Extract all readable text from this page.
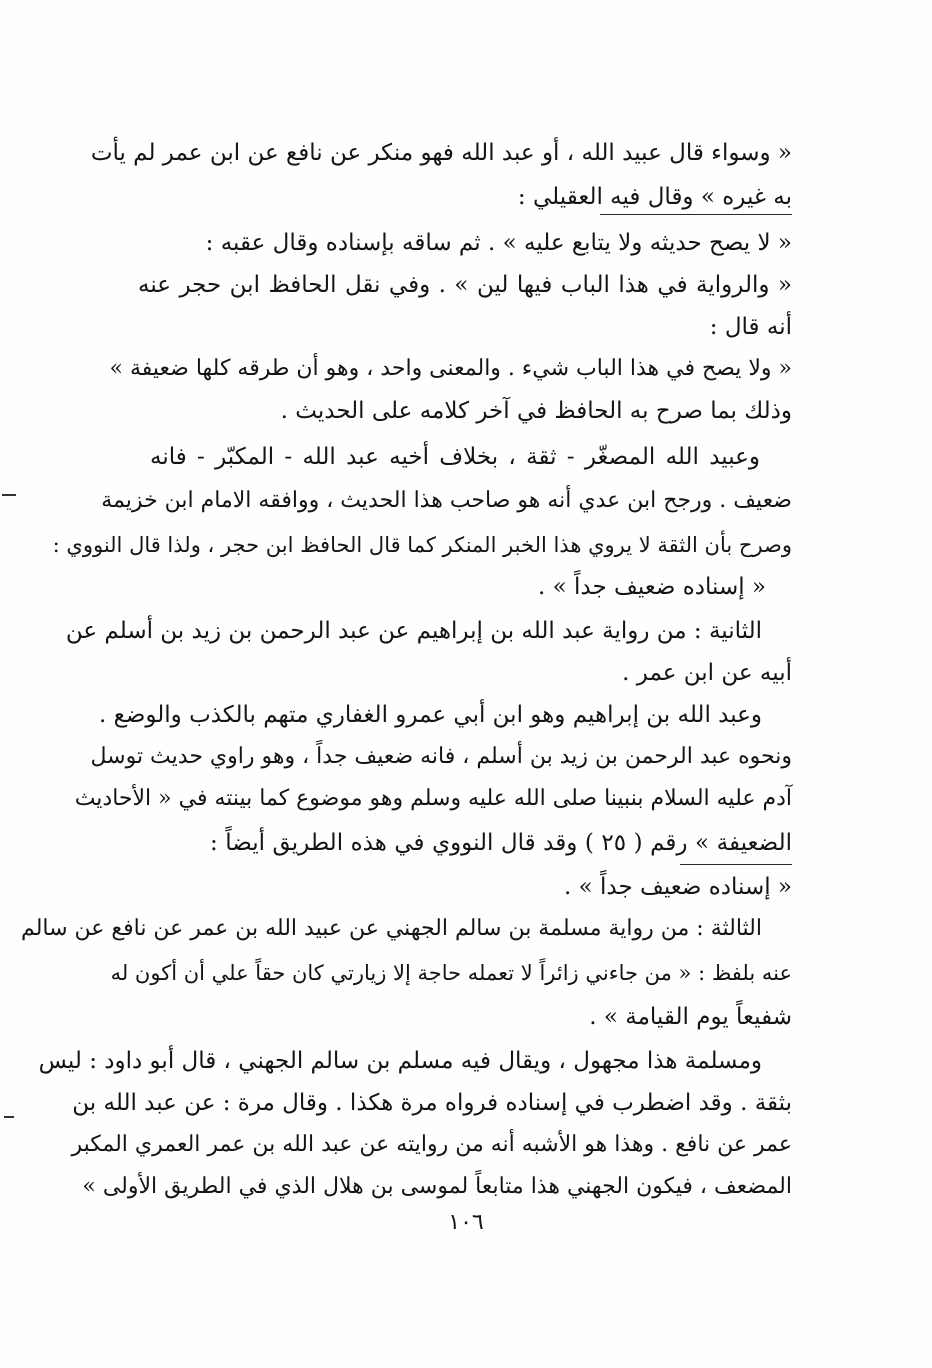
« وسواء قال عبيد الله ، أو عبد الله فهو منكر عن نافع عن ابن عمر لم يأت
به غيره » وقال فيه العقيلي :
« لا يصح حديثه ولا يتابع عليه » . ثم ساقه بإسناده وقال عقبه :
« والرواية في هذا الباب فيها لين » . وفي نقل الحافظ ابن حجر عنه
أنه قال :
« ولا يصح في هذا الباب شيء . والمعنى واحد ، وهو أن طرقه كلها ضعيفة »
وذلك بما صرح به الحافظ في آخر كلامه على الحديث .
وعبيد الله المصغّر - ثقة ، بخلاف أخيه عبد الله - المكبّر - فانه
ضعيف . ورجح ابن عدي أنه هو صاحب هذا الحديث ، ووافقه الامام ابن خزيمة
وصرح بأن الثقة لا يروي هذا الخبر المنكر كما قال الحافظ ابن حجر ، ولذا قال النووي :
« إسناده ضعيف جداً » .
الثانية : من رواية عبد الله بن إبراهيم عن عبد الرحمن بن زيد بن أسلم عن
أبيه عن ابن عمر .
وعبد الله بن إبراهيم وهو ابن أبي عمرو الغفاري متهم بالكذب والوضع .
ونحوه عبد الرحمن بن زيد بن أسلم ، فانه ضعيف جداً ، وهو راوي حديث توسل
آدم عليه السلام بنبينا صلى الله عليه وسلم وهو موضوع كما بينته في « الأحاديث
الضعيفة » رقم ( ٢٥ ) وقد قال النووي في هذه الطريق أيضاً :
« إسناده ضعيف جداً » .
الثالثة : من رواية مسلمة بن سالم الجهني عن عبيد الله بن عمر عن نافع عن سالم
عنه بلفظ : « من جاءني زائراً لا تعمله حاجة إلا زيارتي كان حقاً علي أن أكون له
شفيعاً يوم القيامة » .
ومسلمة هذا مجهول ، ويقال فيه مسلم بن سالم الجهني ، قال أبو داود : ليس
بثقة . وقد اضطرب في إسناده فرواه مرة هكذا . وقال مرة : عن عبد الله بن
عمر عن نافع . وهذا هو الأشبه أنه من روايته عن عبد الله بن عمر العمري المكبر
المضعف ، فيكون الجهني هذا متابعاً لموسى بن هلال الذي في الطريق الأولى »
١٠٦
